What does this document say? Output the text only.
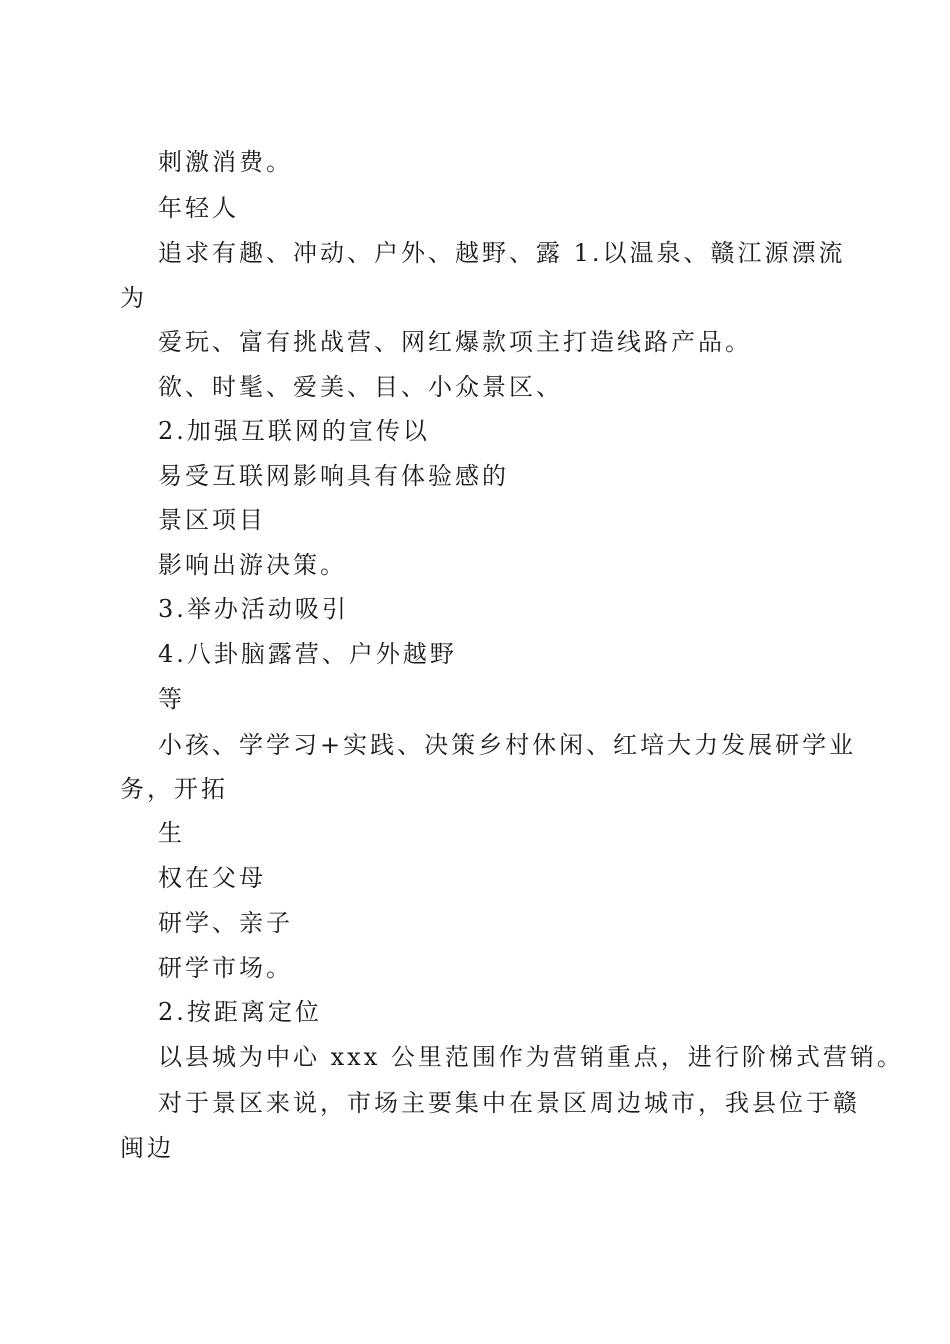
刺激消费。
年轻人
追求有趣、冲动、户外、越野、露 1.以温泉、赣江源漂流
为
爱玩、富有挑战营、网红爆款项主打造线路产品。
欲、时髦、爱美、目、小众景区、
2.加强互联网的宣传以
易受互联网影响具有体验感的
景区项目
影响出游决策。
3.举办活动吸引
4.八卦脑露营、户外越野
等
小孩、学学习+实践、决策乡村休闲、红培大力发展研学业
务，开拓
生
权在父母
研学、亲子
研学市场。
2.按距离定位
以县城为中心 xxx 公里范围作为营销重点，进行阶梯式营销。
对于景区来说，市场主要集中在景区周边城市，我县位于赣
闽边
